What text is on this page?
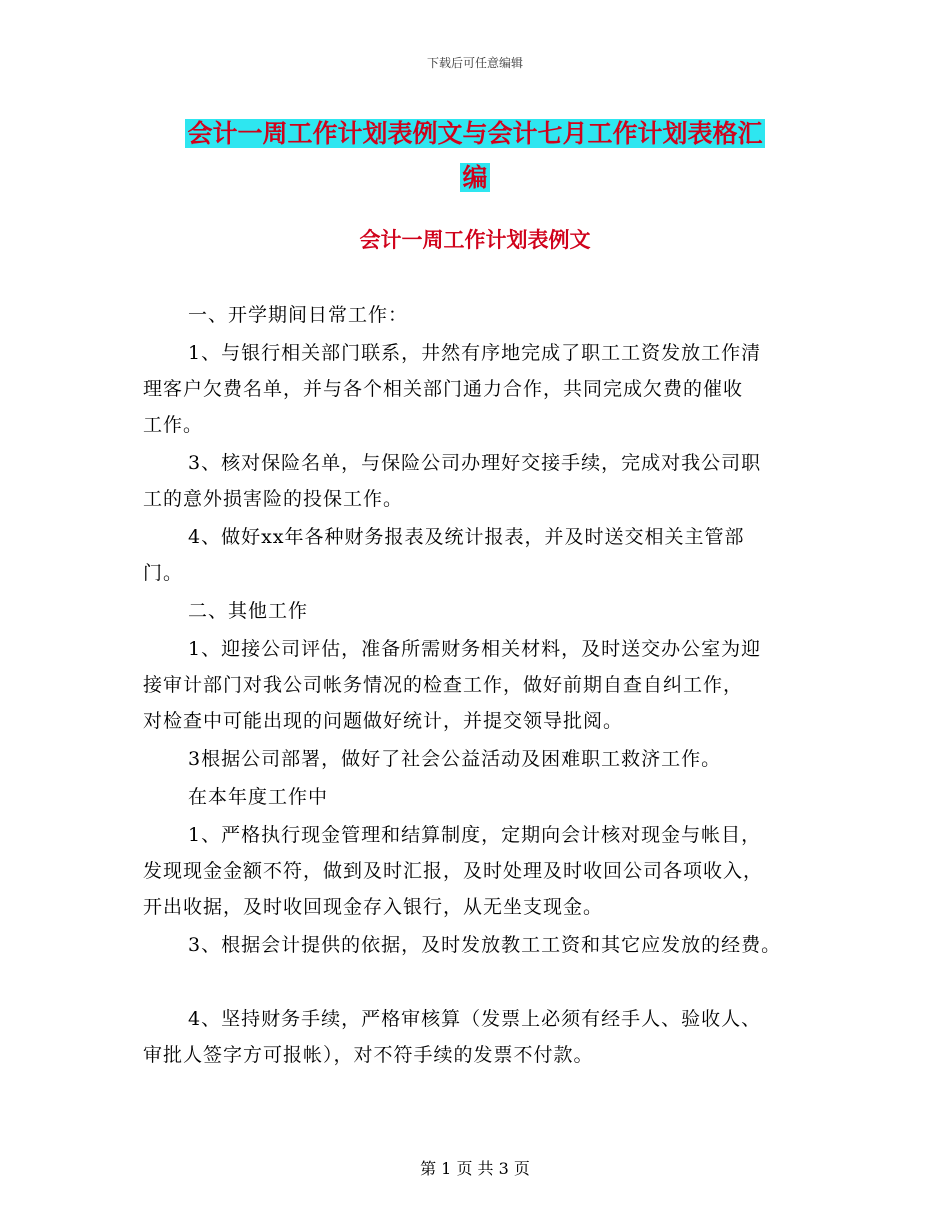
下载后可任意编辑
会计一周工作计划表例文与会计七月工作计划表格汇
编
会计一周工作计划表例文
一、开学期间日常工作：
1、与银行相关部门联系，井然有序地完成了职工工资发放工作清
理客户欠费名单，并与各个相关部门通力合作，共同完成欠费的催收
工作。
3、核对保险名单，与保险公司办理好交接手续，完成对我公司职
工的意外损害险的投保工作。
4、做好xx年各种财务报表及统计报表，并及时送交相关主管部
门。
二、其他工作
1、迎接公司评估，准备所需财务相关材料，及时送交办公室为迎
接审计部门对我公司帐务情况的检查工作，做好前期自查自纠工作，
对检查中可能出现的问题做好统计，并提交领导批阅。
3根据公司部署，做好了社会公益活动及困难职工救济工作。
在本年度工作中
1、严格执行现金管理和结算制度，定期向会计核对现金与帐目，
发现现金金额不符，做到及时汇报，及时处理及时收回公司各项收入，
开出收据，及时收回现金存入银行，从无坐支现金。
3、根据会计提供的依据，及时发放教工工资和其它应发放的经费。
4、坚持财务手续，严格审核算（发票上必须有经手人、验收人、
审批人签字方可报帐），对不符手续的发票不付款。
第 1 页 共 3 页
